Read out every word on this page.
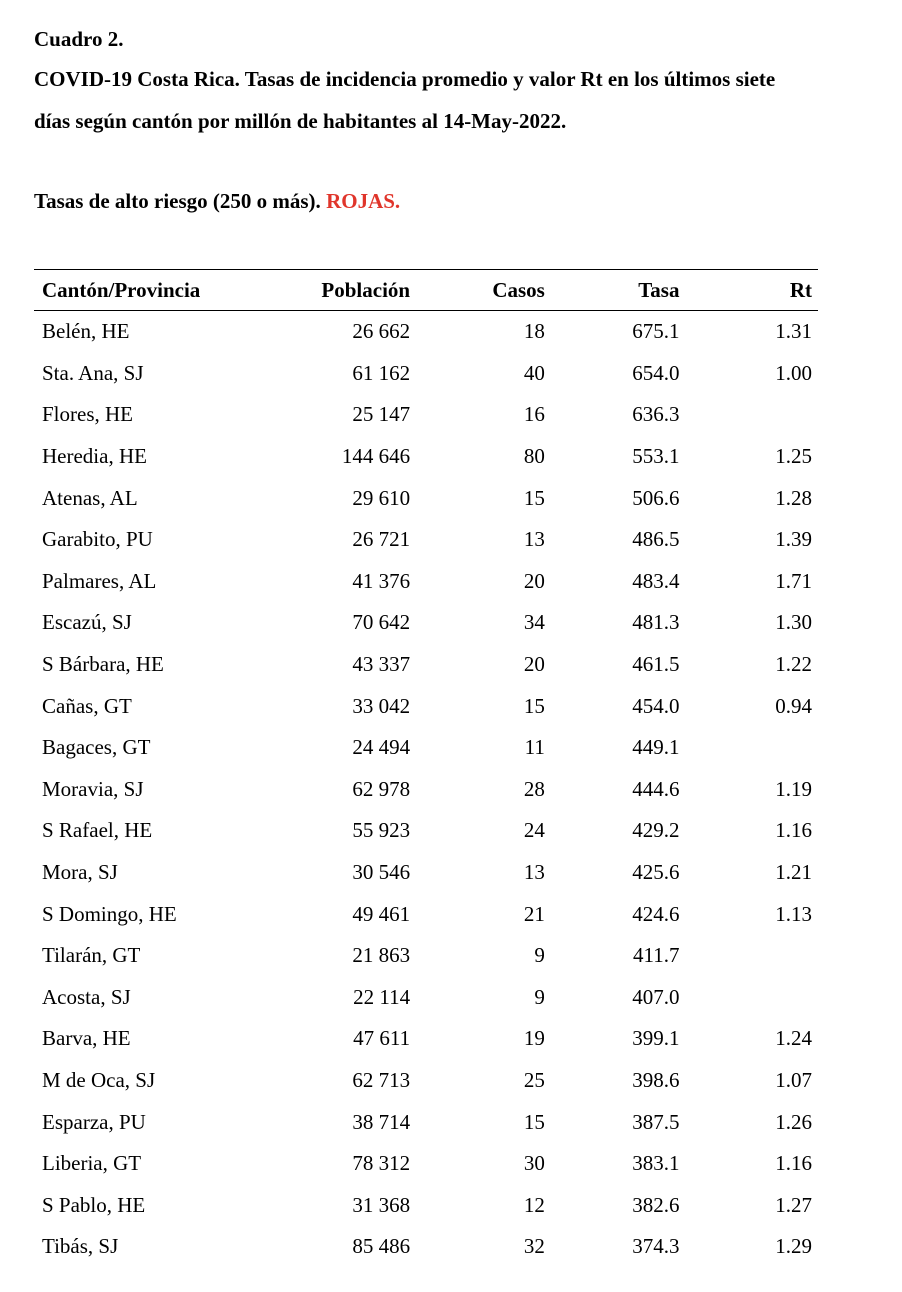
Cuadro 2.

COVID-19 Costa Rica. Tasas de incidencia promedio y valor Rt en los últimos siete

días según cantón por millón de habitantes al 14-May-2022.

Tasas de alto riesgo (250 o más). ROJAS.

Cantón/Provincia	Población	Casos	Tasa	Rt
Belén, HE	26 662	18	675.1	1.31
Sta. Ana, SJ	61 162	40	654.0	1.00
Flores, HE	25 147	16	636.3	
Heredia, HE	144 646	80	553.1	1.25
Atenas, AL	29 610	15	506.6	1.28
Garabito, PU	26 721	13	486.5	1.39
Palmares, AL	41 376	20	483.4	1.71
Escazú, SJ	70 642	34	481.3	1.30
S Bárbara, HE	43 337	20	461.5	1.22
Cañas, GT	33 042	15	454.0	0.94
Bagaces, GT	24 494	11	449.1	
Moravia, SJ	62 978	28	444.6	1.19
S Rafael, HE	55 923	24	429.2	1.16
Mora, SJ	30 546	13	425.6	1.21
S Domingo, HE	49 461	21	424.6	1.13
Tilarán, GT	21 863	9	411.7	
Acosta, SJ	22 114	9	407.0	
Barva, HE	47 611	19	399.1	1.24
M de Oca, SJ	62 713	25	398.6	1.07
Esparza, PU	38 714	15	387.5	1.26
Liberia, GT	78 312	30	383.1	1.16
S Pablo, HE	31 368	12	382.6	1.27
Tibás, SJ	85 486	32	374.3	1.29
